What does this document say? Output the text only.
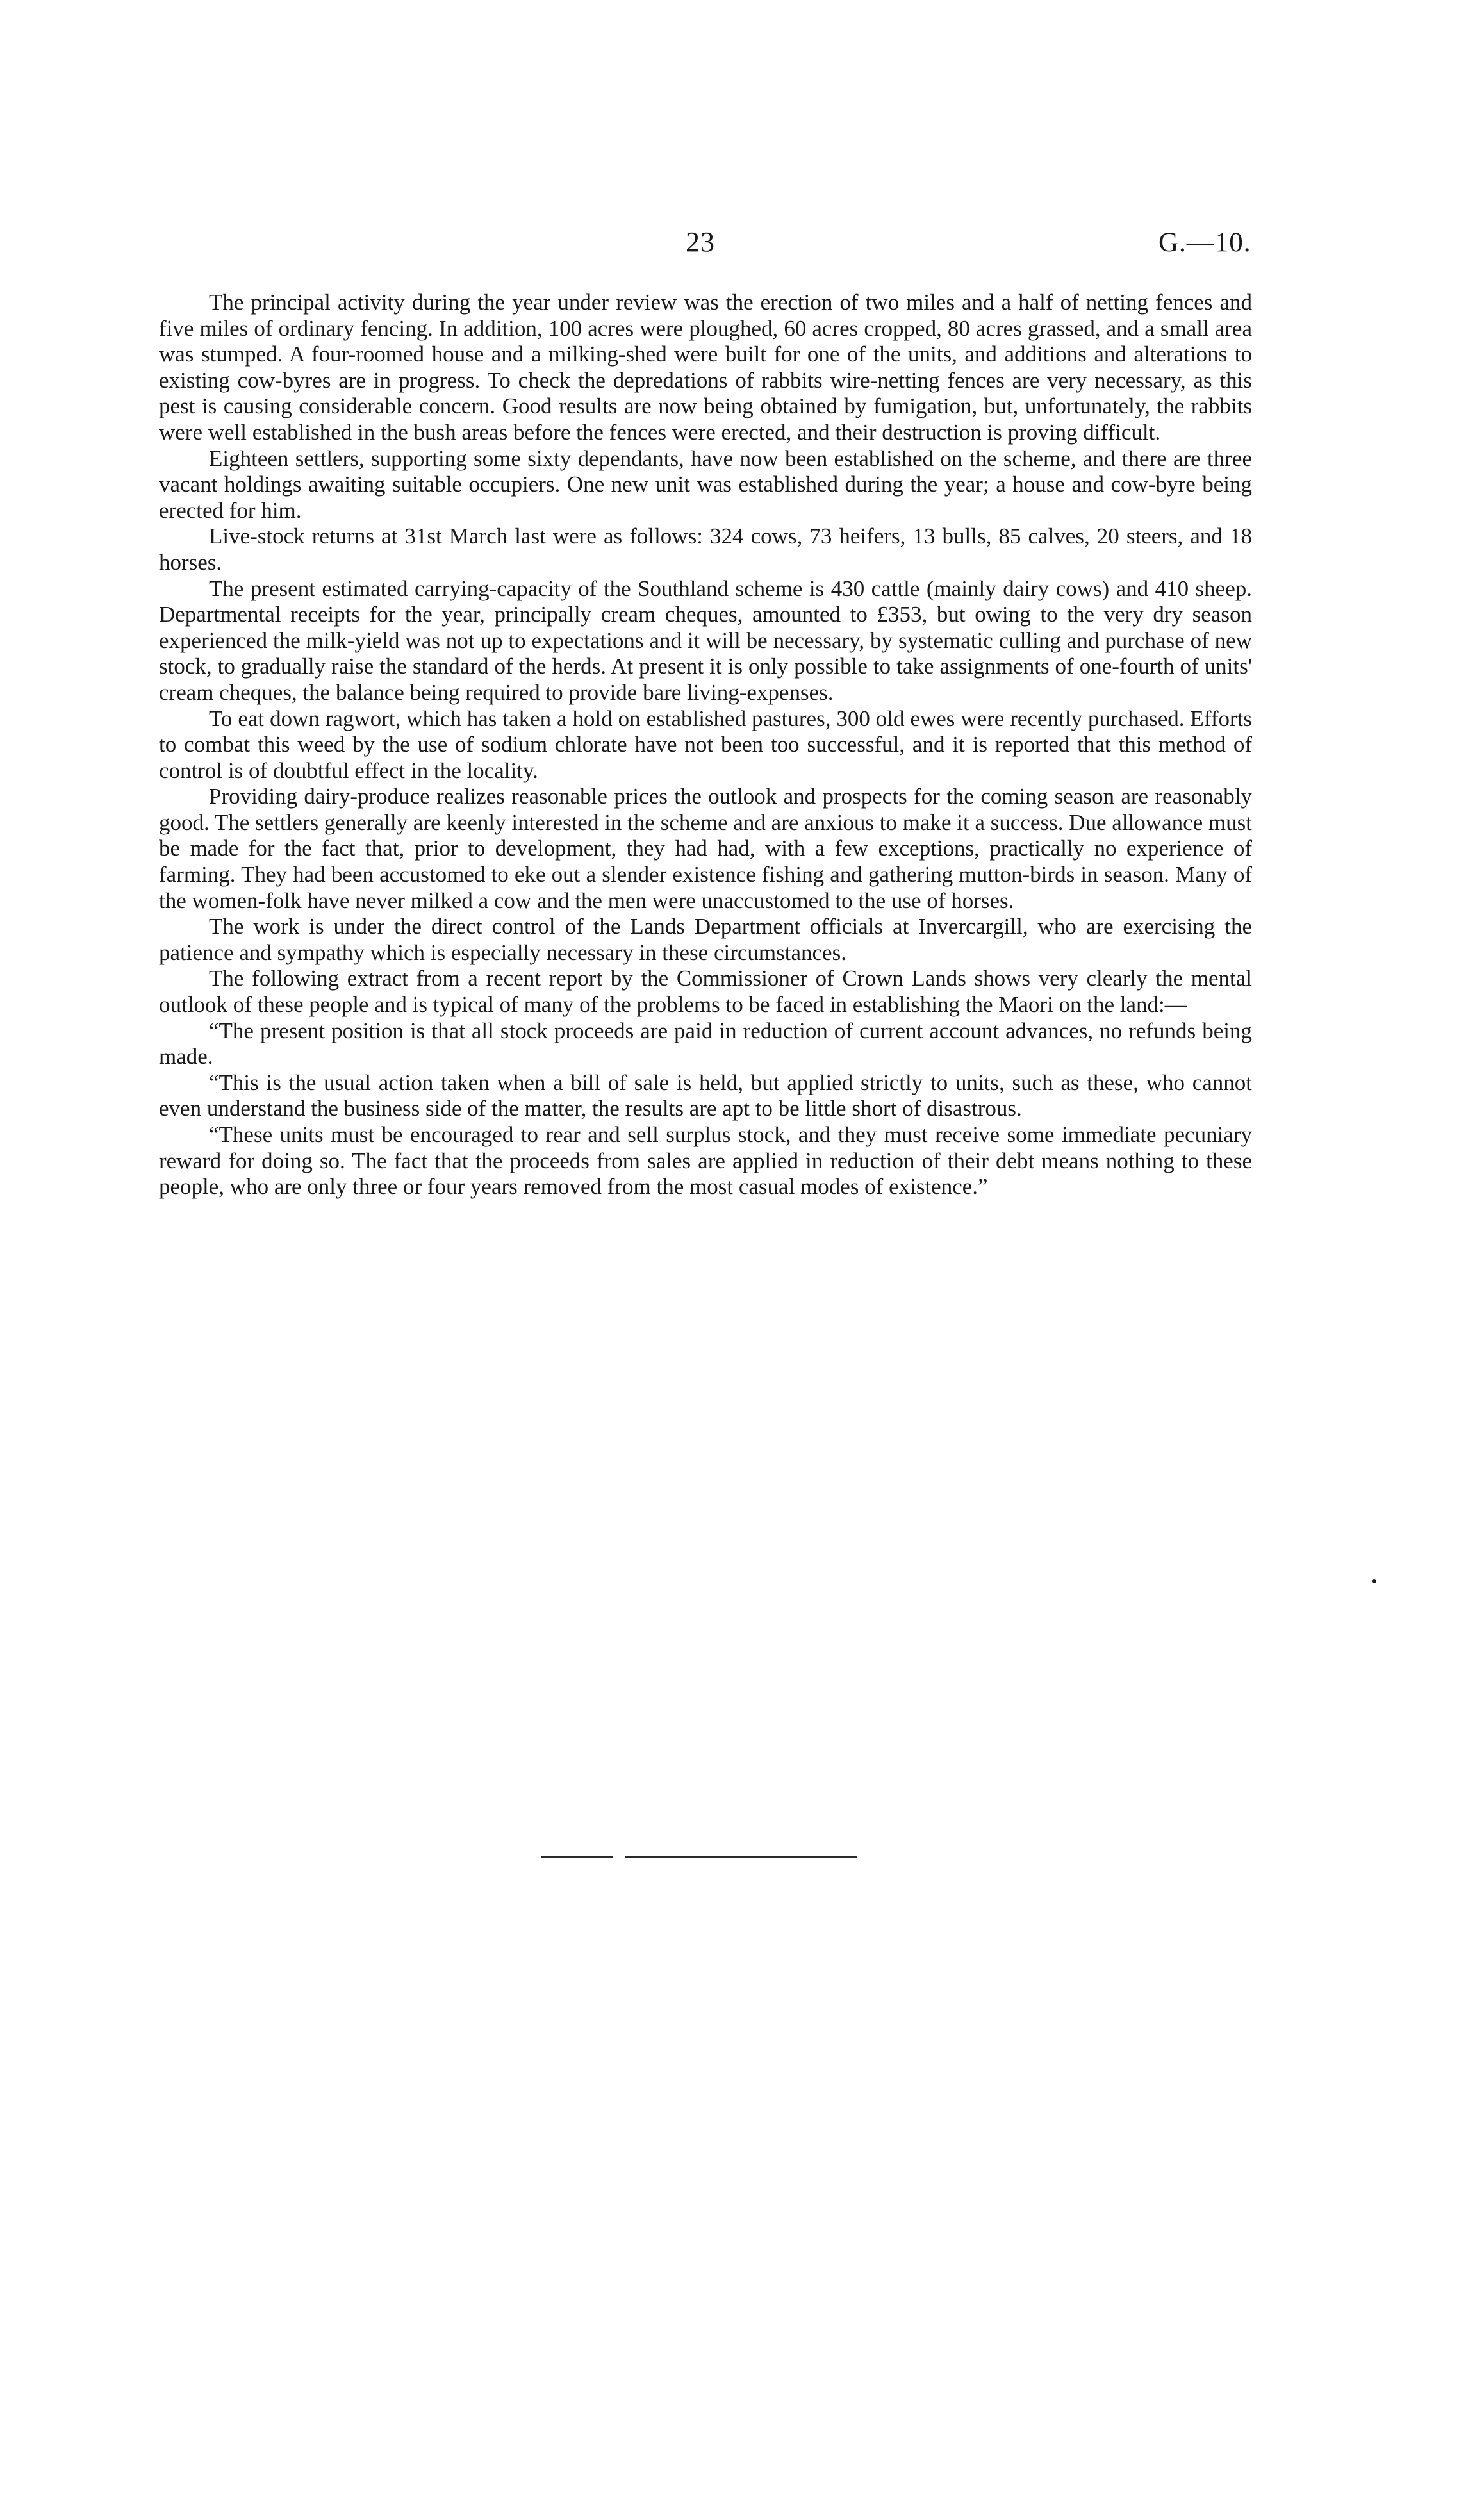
23	G.—10.

The principal activity during the year under review was the erection of two miles and a half of netting fences and five miles of ordinary fencing. In addition, 100 acres were ploughed, 60 acres cropped, 80 acres grassed, and a small area was stumped. A four-roomed house and a milking-shed were built for one of the units, and additions and alterations to existing cow-byres are in progress. To check the depredations of rabbits wire-netting fences are very necessary, as this pest is causing considerable concern. Good results are now being obtained by fumigation, but, unfortunately, the rabbits were well established in the bush areas before the fences were erected, and their destruction is proving difficult.

Eighteen settlers, supporting some sixty dependants, have now been established on the scheme, and there are three vacant holdings awaiting suitable occupiers. One new unit was established during the year; a house and cow-byre being erected for him.

Live-stock returns at 31st March last were as follows: 324 cows, 73 heifers, 13 bulls, 85 calves, 20 steers, and 18 horses.

The present estimated carrying-capacity of the Southland scheme is 430 cattle (mainly dairy cows) and 410 sheep. Departmental receipts for the year, principally cream cheques, amounted to £353, but owing to the very dry season experienced the milk-yield was not up to expectations and it will be necessary, by systematic culling and purchase of new stock, to gradually raise the standard of the herds. At present it is only possible to take assignments of one-fourth of units' cream cheques, the balance being required to provide bare living-expenses.

To eat down ragwort, which has taken a hold on established pastures, 300 old ewes were recently purchased. Efforts to combat this weed by the use of sodium chlorate have not been too successful, and it is reported that this method of control is of doubtful effect in the locality.

Providing dairy-produce realizes reasonable prices the outlook and prospects for the coming season are reasonably good. The settlers generally are keenly interested in the scheme and are anxious to make it a success. Due allowance must be made for the fact that, prior to development, they had had, with a few exceptions, practically no experience of farming. They had been accustomed to eke out a slender existence fishing and gathering mutton-birds in season. Many of the women-folk have never milked a cow and the men were unaccustomed to the use of horses.

The work is under the direct control of the Lands Department officials at Invercargill, who are exercising the patience and sympathy which is especially necessary in these circumstances.

The following extract from a recent report by the Commissioner of Crown Lands shows very clearly the mental outlook of these people and is typical of many of the problems to be faced in establishing the Maori on the land:—

“The present position is that all stock proceeds are paid in reduction of current account advances, no refunds being made.

“This is the usual action taken when a bill of sale is held, but applied strictly to units, such as these, who cannot even understand the business side of the matter, the results are apt to be little short of disastrous.

“These units must be encouraged to rear and sell surplus stock, and they must receive some immediate pecuniary reward for doing so. The fact that the proceeds from sales are applied in reduction of their debt means nothing to these people, who are only three or four years removed from the most casual modes of existence.”
